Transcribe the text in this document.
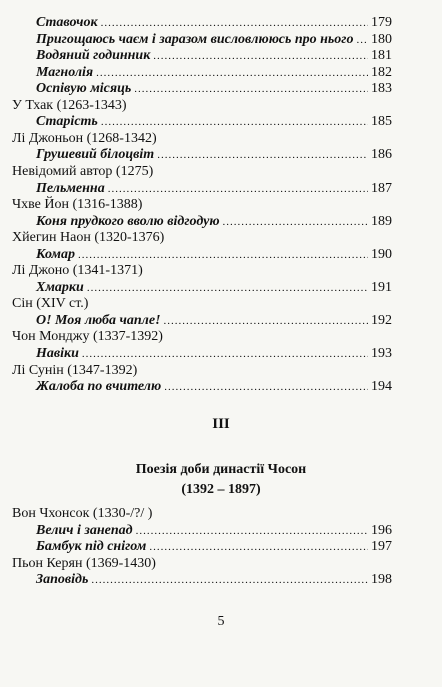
Ставочок .....	179
Пригощаюсь чаєм і заразом висловлююсь про нього ..... 180
Водяний годинник .....	181
Магнолія .....	182
Оспівую місяць .....	183
У Тхак (1263-1343)
Старість .....	185
Лі Джоньон (1268-1342)
Грушевий білоцвіт .....	186
Невідомий автор (1275)
Пельменна .....	187
Чхве Йон (1316-1388)
Коня прудкого вволю відгодую .....	189
Хйегин Наон (1320-1376)
Комар .....	190
Лі Джоно (1341-1371)
Хмарки .....	191
Сін (XIV ст.)
О! Моя люба чапле! .....	192
Чон Монджу (1337-1392)
Навіки .....	193
Лі Сунін (1347-1392)
Жалоба по вчителю .....	194
III
Поезія доби династії Чосон
(1392 – 1897)
Вон Чхонсок (1330-/?/ )
Велич і занепад .....	196
Бамбук під снігом .....	197
Пьон Керян (1369-1430)
Заповідь .....	198
5
